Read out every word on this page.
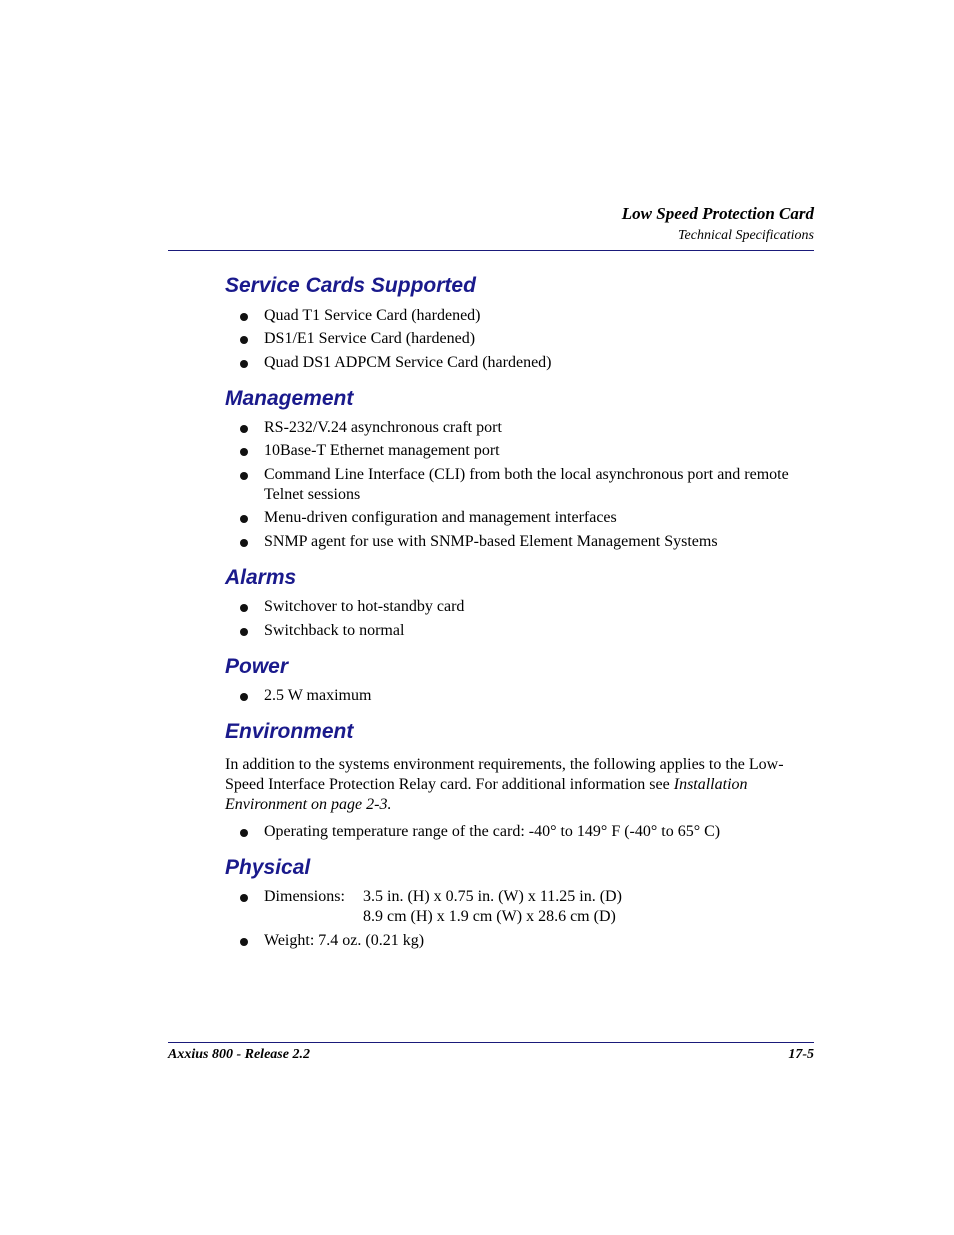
Low Speed Protection Card
Technical Specifications
Service Cards Supported
Quad T1 Service Card (hardened)
DS1/E1 Service Card (hardened)
Quad DS1 ADPCM Service Card (hardened)
Management
RS-232/V.24 asynchronous craft port
10Base-T Ethernet management port
Command Line Interface (CLI) from both the local asynchronous port and remote Telnet sessions
Menu-driven configuration and management interfaces
SNMP agent for use with SNMP-based Element Management Systems
Alarms
Switchover to hot-standby card
Switchback to normal
Power
2.5 W maximum
Environment
In addition to the systems environment requirements, the following applies to the Low-Speed Interface Protection Relay card. For additional information see Installation Environment on page 2-3.
Operating temperature range of the card: -40° to 149° F (-40° to 65° C)
Physical
Dimensions:	3.5 in. (H) x 0.75 in. (W) x 11.25 in. (D)
8.9 cm (H) x 1.9 cm (W) x 28.6 cm (D)
Weight: 7.4 oz. (0.21 kg)
Axxius 800 - Release 2.2	17-5
